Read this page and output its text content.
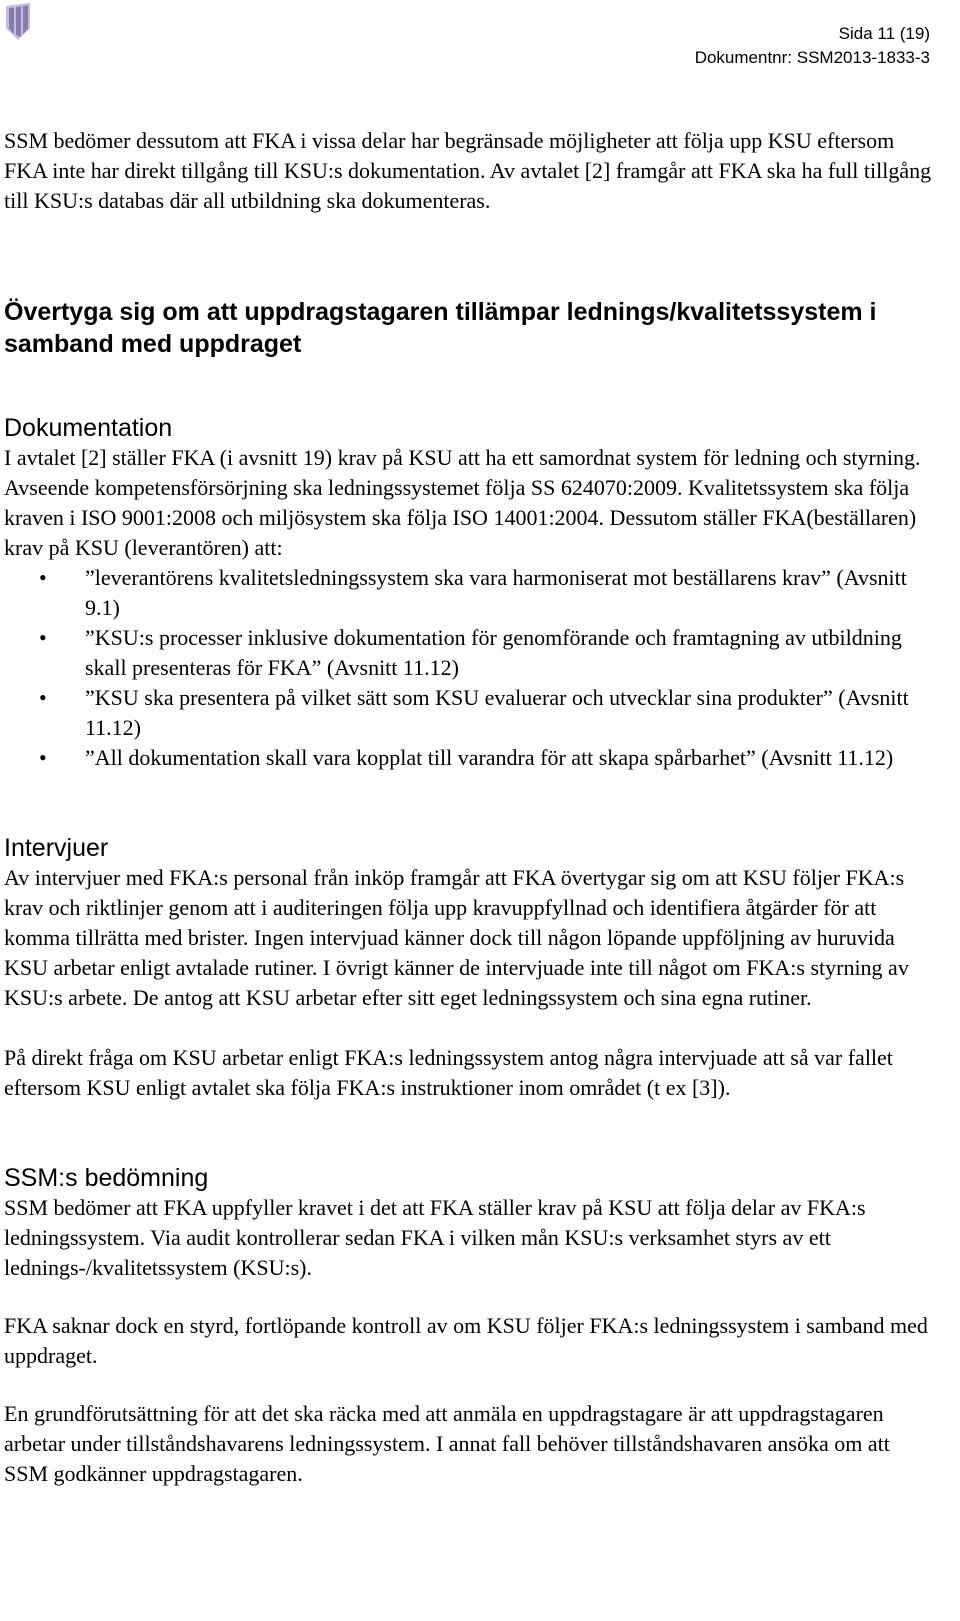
Sida 11 (19)
Dokumentnr: SSM2013-1833-3

SSM bedömer dessutom att FKA i vissa delar har begränsade möjligheter att följa upp KSU eftersom FKA inte har direkt tillgång till KSU:s dokumentation. Av avtalet [2] framgår att FKA ska ha full tillgång till KSU:s databas där all utbildning ska dokumenteras.

Övertyga sig om att uppdragstagaren tillämpar lednings/kvalitetssystem i samband med uppdraget
Dokumentation

I avtalet [2] ställer FKA (i avsnitt 19) krav på KSU att ha ett samordnat system för ledning och styrning. Avseende kompetensförsörjning ska ledningssystemet följa SS 624070:2009. Kvalitetssystem ska följa kraven i ISO 9001:2008 och miljösystem ska följa ISO 14001:2004. Dessutom ställer FKA(beställaren) krav på KSU (leverantören) att:

• ”leverantörens kvalitetsledningssystem ska vara harmoniserat mot beställarens krav” (Avsnitt 9.1)
• ”KSU:s processer inklusive dokumentation för genomförande och framtagning av utbildning skall presenteras för FKA” (Avsnitt 11.12)
• ”KSU ska presentera på vilket sätt som KSU evaluerar och utvecklar sina produkter” (Avsnitt 11.12)
• ”All dokumentation skall vara kopplat till varandra för att skapa spårbarhet” (Avsnitt 11.12)
Intervjuer

Av intervjuer med FKA:s personal från inköp framgår att FKA övertygar sig om att KSU följer FKA:s krav och riktlinjer genom att i auditeringen följa upp kravuppfyllnad och identifiera åtgärder för att komma tillrätta med brister. Ingen intervjuad känner dock till någon löpande uppföljning av huruvida KSU arbetar enligt avtalade rutiner. I övrigt känner de intervjuade inte till något om FKA:s styrning av KSU:s arbete. De antog att KSU arbetar efter sitt eget ledningssystem och sina egna rutiner.

På direkt fråga om KSU arbetar enligt FKA:s ledningssystem antog några intervjuade att så var fallet eftersom KSU enligt avtalet ska följa FKA:s instruktioner inom området (t ex [3]).

SSM:s bedömning

SSM bedömer att FKA uppfyller kravet i det att FKA ställer krav på KSU att följa delar av FKA:s ledningssystem. Via audit kontrollerar sedan FKA i vilken mån KSU:s verksamhet styrs av ett lednings-/kvalitetssystem (KSU:s).

FKA saknar dock en styrd, fortlöpande kontroll av om KSU följer FKA:s ledningssystem i samband med uppdraget.

En grundförutsättning för att det ska räcka med att anmäla en uppdragstagare är att uppdragstagaren arbetar under tillståndshavarens ledningssystem. I annat fall behöver tillståndshavaren ansöka om att SSM godkänner uppdragstagaren.
